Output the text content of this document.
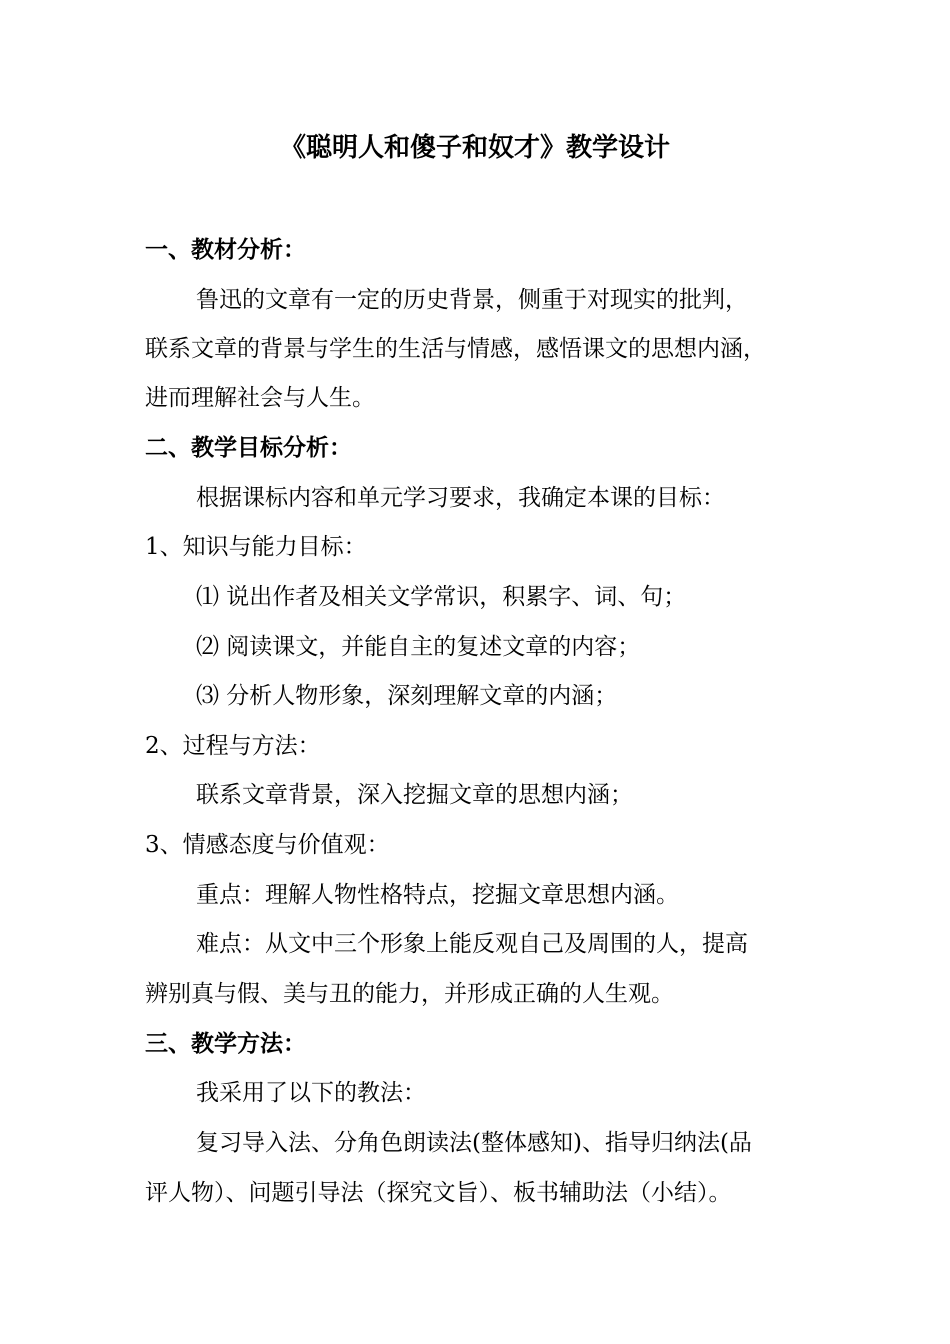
《聪明人和傻子和奴才》教学设计
一、教材分析：
鲁迅的文章有一定的历史背景，侧重于对现实的批判，
联系文章的背景与学生的生活与情感，感悟课文的思想内涵，
进而理解社会与人生。
二、教学目标分析：
根据课标内容和单元学习要求，我确定本课的目标：
1、知识与能力目标：
⑴ 说出作者及相关文学常识，积累字、词、句；
⑵ 阅读课文，并能自主的复述文章的内容；
⑶ 分析人物形象，深刻理解文章的内涵；
2、过程与方法：
联系文章背景，深入挖掘文章的思想内涵；
3、情感态度与价值观：
重点：理解人物性格特点，挖掘文章思想内涵。
难点：从文中三个形象上能反观自己及周围的人，提高
辨别真与假、美与丑的能力，并形成正确的人生观。
三、教学方法：
我采用了以下的教法：
复习导入法、分角色朗读法(整体感知)、指导归纳法(品
评人物）、问题引导法（探究文旨）、板书辅助法（小结）。
